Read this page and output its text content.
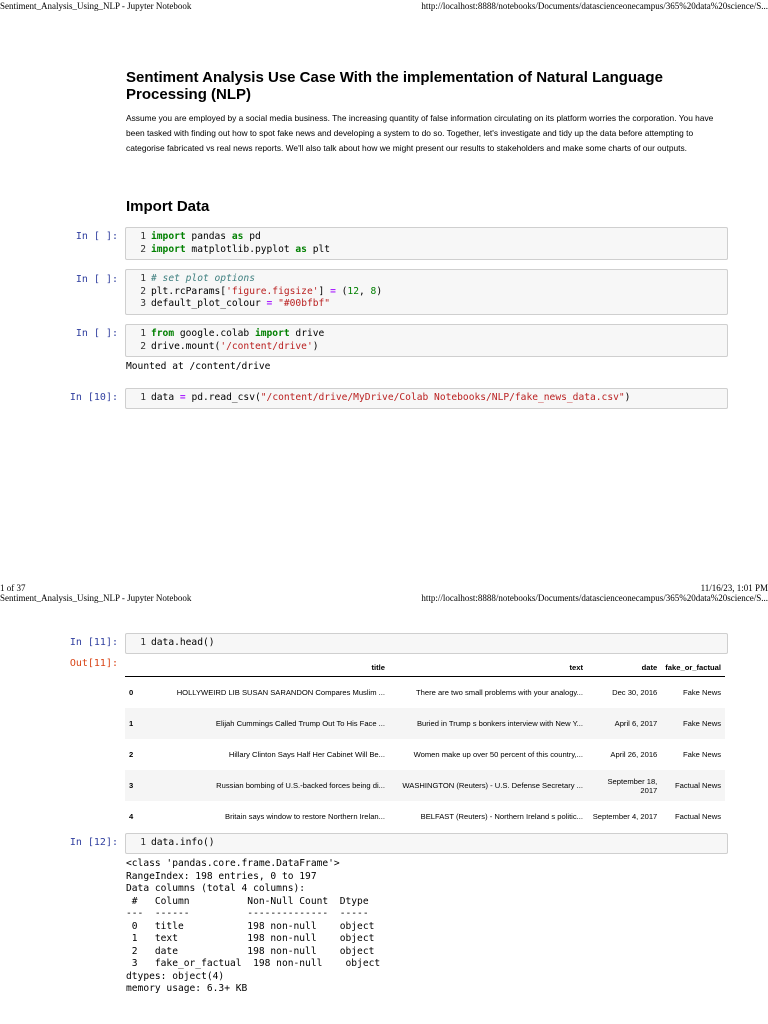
Sentiment_Analysis_Using_NLP - Jupyter Notebook	http://localhost:8888/notebooks/Documents/datascienceonecampus/365%20data%20science/S...
Sentiment Analysis Use Case With the implementation of Natural Language Processing (NLP)
Assume you are employed by a social media business. The increasing quantity of false information circulating on its platform worries the corporation. You have been tasked with finding out how to spot fake news and developing a system to do so. Together, let's investigate and tidy up the data before attempting to categorise fabricated vs real news reports. We'll also talk about how we might present our results to stakeholders and make some charts of our outputs.
Import Data
In [ ]:	1 import pandas as pd
2 import matplotlib.pyplot as plt
In [ ]:	1 # set plot options
2 plt.rcParams['figure.figsize'] = (12, 8)
3 default_plot_colour = "#00bfbf"
In [ ]:	1 from google.colab import drive
2 drive.mount('/content/drive')
Mounted at /content/drive
In [10]:	1 data = pd.read_csv("/content/drive/MyDrive/Colab Notebooks/NLP/fake_news_data.csv")
1 of 37	11/16/23, 1:01 PM
Sentiment_Analysis_Using_NLP - Jupyter Notebook	http://localhost:8888/notebooks/Documents/datascienceonecampus/365%20data%20science/S...
In [11]:	1 data.head()
Out[11]:
		title	text	date	fake_or_factual
0	HOLLYWEIRD LIB SUSAN SARANDON Compares Muslim ...	There are two small problems with your analogy...	Dec 30, 2016	Fake News
1	Elijah Cummings Called Trump Out To His Face ...	Buried in Trump s bonkers interview with New Y...	April 6, 2017	Fake News
2	Hillary Clinton Says Half Her Cabinet Will Be...	Women make up over 50 percent of this country,...	April 26, 2016	Fake News
3	Russian bombing of U.S.-backed forces being di...	WASHINGTON (Reuters) - U.S. Defense Secretary ...	September 18, 2017	Factual News
4	Britain says window to restore Northern Irelan...	BELFAST (Reuters) - Northern Ireland s politic...	September 4, 2017	Factual News
In [12]:	1 data.info()
<class 'pandas.core.frame.DataFrame'>
RangeIndex: 198 entries, 0 to 197
Data columns (total 4 columns):
#   Column          Non-Null Count  Dtype
---  ------          --------------  -----
0   title           198 non-null    object
1   text            198 non-null    object
2   date            198 non-null    object
3   fake_or_factual  198 non-null    object
dtypes: object(4)
memory usage: 6.3+ KB
